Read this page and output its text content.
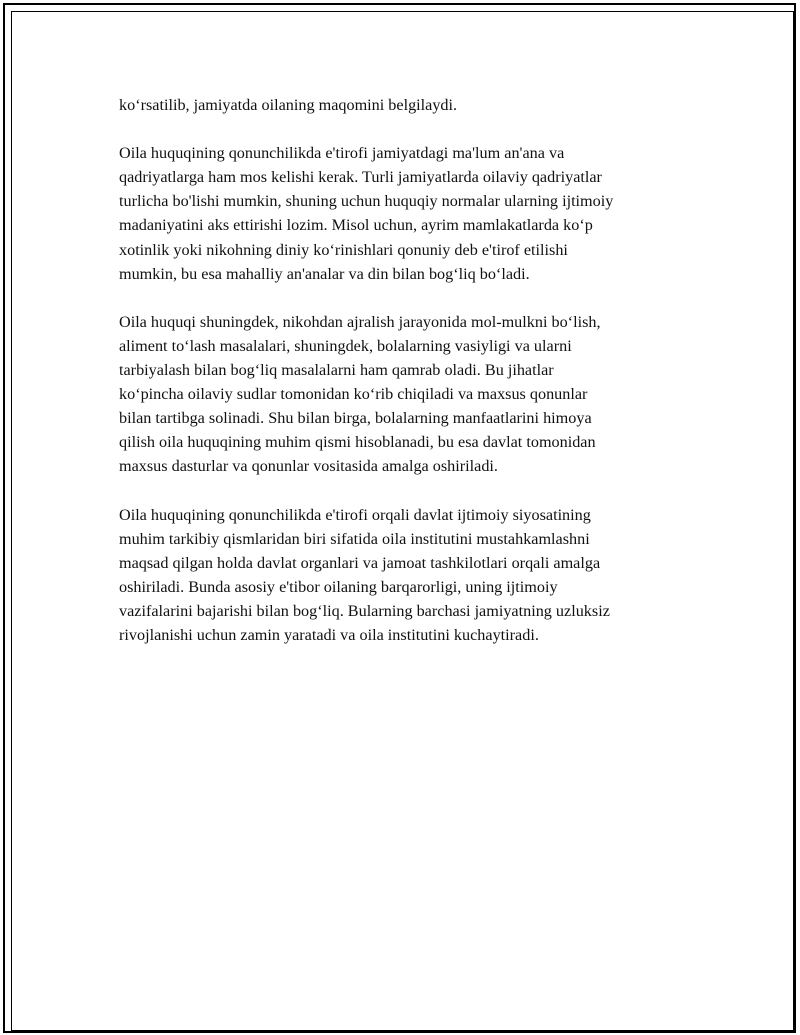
ko‘rsatilib, jamiyatda oilaning maqomini belgilaydi.

Oila huquqining qonunchilikda e'tirofi jamiyatdagi ma'lum an'ana va
qadriyatlarga ham mos kelishi kerak. Turli jamiyatlarda oilaviy qadriyatlar
turlicha bo'lishi mumkin, shuning uchun huquqiy normalar ularning ijtimoiy
madaniyatini aks ettirishi lozim. Misol uchun, ayrim mamlakatlarda ko‘p
xotinlik yoki nikohning diniy ko‘rinishlari qonuniy deb e'tirof etilishi
mumkin, bu esa mahalliy an'analar va din bilan bog‘liq bo‘ladi.

Oila huquqi shuningdek, nikohdan ajralish jarayonida mol-mulkni bo‘lish,
aliment to‘lash masalalari, shuningdek, bolalarning vasiyligi va ularni
tarbiyalash bilan bog‘liq masalalarni ham qamrab oladi. Bu jihatlar
ko‘pincha oilaviy sudlar tomonidan ko‘rib chiqiladi va maxsus qonunlar
bilan tartibga solinadi. Shu bilan birga, bolalarning manfaatlarini himoya
qilish oila huquqining muhim qismi hisoblanadi, bu esa davlat tomonidan
maxsus dasturlar va qonunlar vositasida amalga oshiriladi.

Oila huquqining qonunchilikda e'tirofi orqali davlat ijtimoiy siyosatining
muhim tarkibiy qismlaridan biri sifatida oila institutini mustahkamlashni
maqsad qilgan holda davlat organlari va jamoat tashkilotlari orqali amalga
oshiriladi. Bunda asosiy e'tibor oilaning barqarorligi, uning ijtimoiy
vazifalarini bajarishi bilan bog‘liq. Bularning barchasi jamiyatning uzluksiz
rivojlanishi uchun zamin yaratadi va oila institutini kuchaytiradi.
